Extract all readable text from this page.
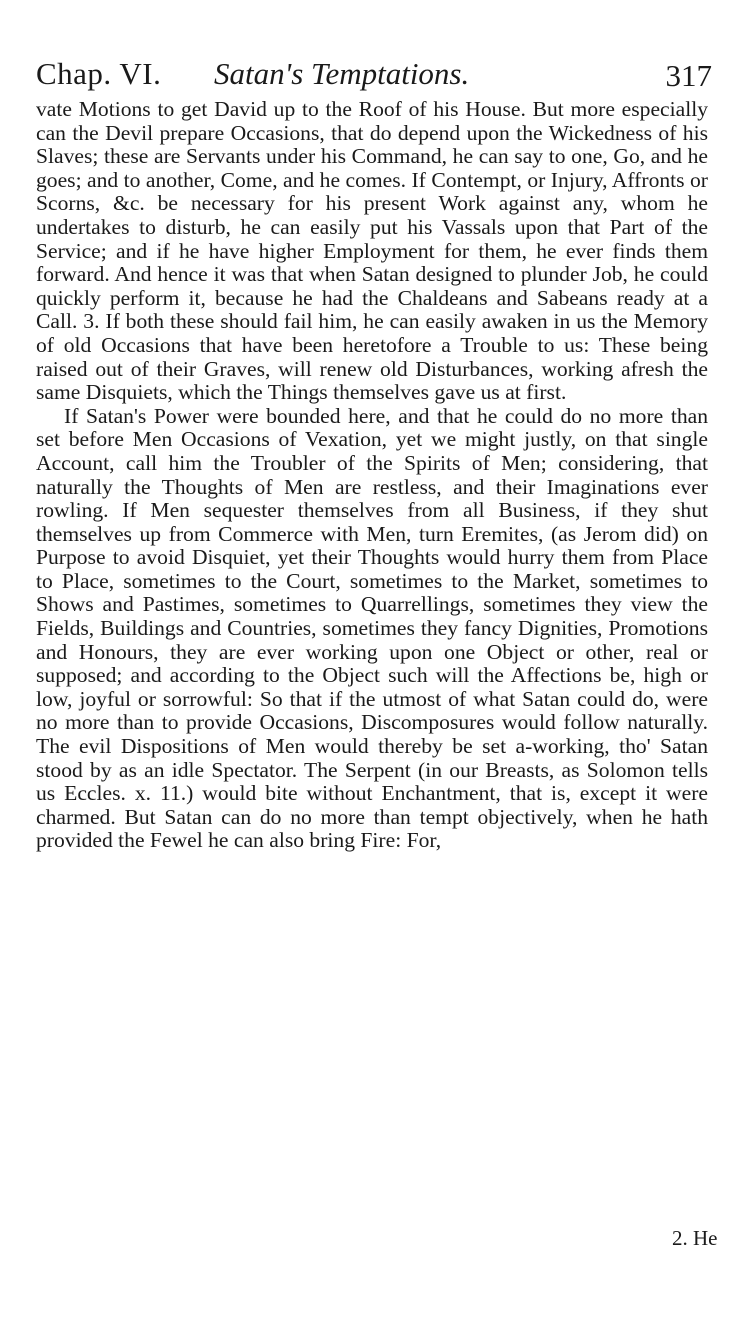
Chap. VI. Satan's Temptations.	317

vate Motions to get David up to the Roof of his House. But more especially can the Devil prepare Occasions, that do depend upon the Wickedness of his Slaves; these are Servants under his Command, he can say to one, Go, and he goes; and to another, Come, and he comes. If Contempt, or Injury, Affronts or Scorns, &c. be necessary for his present Work against any, whom he undertakes to disturb, he can easily put his Vassals upon that Part of the Service; and if he have higher Employment for them, he ever finds them forward. And hence it was that when Satan designed to plunder Job, he could quickly perform it, because he had the Chaldeans and Sabeans ready at a Call. 3. If both these should fail him, he can easily awaken in us the Memory of old Occasions that have been heretofore a Trouble to us: These being raised out of their Graves, will renew old Disturbances, working afresh the same Disquiets, which the Things themselves gave us at first.

If Satan's Power were bounded here, and that he could do no more than set before Men Occasions of Vexation, yet we might justly, on that single Account, call him the Troubler of the Spirits of Men; considering, that naturally the Thoughts of Men are restless, and their Imaginations ever rowling. If Men sequester themselves from all Business, if they shut themselves up from Commerce with Men, turn Eremites, (as Jerom did) on Purpose to avoid Disquiet, yet their Thoughts would hurry them from Place to Place, sometimes to the Court, sometimes to the Market, sometimes to Shows and Pastimes, sometimes to Quarrellings, sometimes they view the Fields, Buildings and Countries, sometimes they fancy Dignities, Promotions and Honours, they are ever working upon one Object or other, real or supposed; and according to the Object such will the Affections be, high or low, joyful or sorrowful: So that if the utmost of what Satan could do, were no more than to provide Occasions, Discomposures would follow naturally. The evil Dispositions of Men would thereby be set a-working, tho' Satan stood by as an idle Spectator. The Serpent (in our Breasts, as Solomon tells us Eccles. x. 11.) would bite without Enchantment, that is, except it were charmed. But Satan can do no more than tempt objectively, when he hath provided the Fewel he can also bring Fire: For,

2. He
